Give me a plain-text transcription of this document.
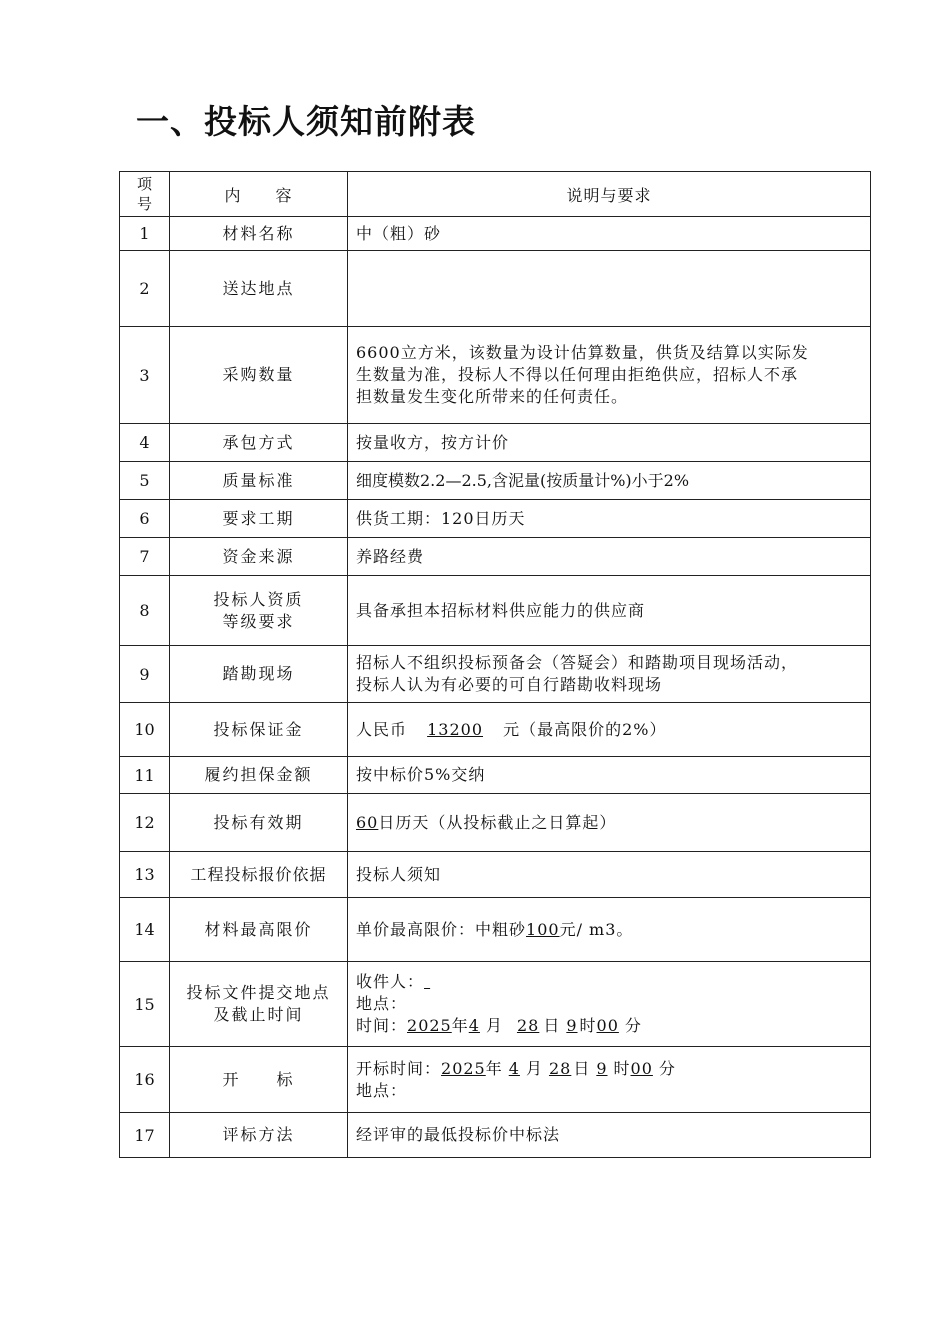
一、投标人须知前附表
项
号	内　　容	说明与要求
1	材料名称	中（粗）砂
2	送达地点	
3	采购数量	6600立方米，该数量为设计估算数量，供货及结算以实际发
生数量为准，投标人不得以任何理由拒绝供应，招标人不承
担数量发生变化所带来的任何责任。

4	承包方式	按量收方，按方计价
5	质量标准	细度模数2.2—2.5,含泥量(按质量计%)小于2%
6	要求工期	供货工期：120日历天
7	资金来源	养路经费
8	投标人资质
等级要求	具备承担本招标材料供应能力的供应商
9	踏勘现场	招标人不组织投标预备会（答疑会）和踏勘项目现场活动，
投标人认为有必要的可自行踏勘收料现场

10	投标保证金	人民币 13200 元（最高限价的2%）
11	履约担保金额	按中标价5%交纳
12	投标有效期	60日历天（从投标截止之日算起）
13	工程投标报价依据	投标人须知
14	材料最高限价	单价最高限价：中粗砂100元/ m3。
15	投标文件提交地点
及截止时间	收件人：
地点：
时间：2025年4 月 28 日 9 时00 分

16	开　　标	开标时间：2025年 4 月 28 日 9 时00 分
地点：

17	评标方法	经评审的最低投标价中标法
